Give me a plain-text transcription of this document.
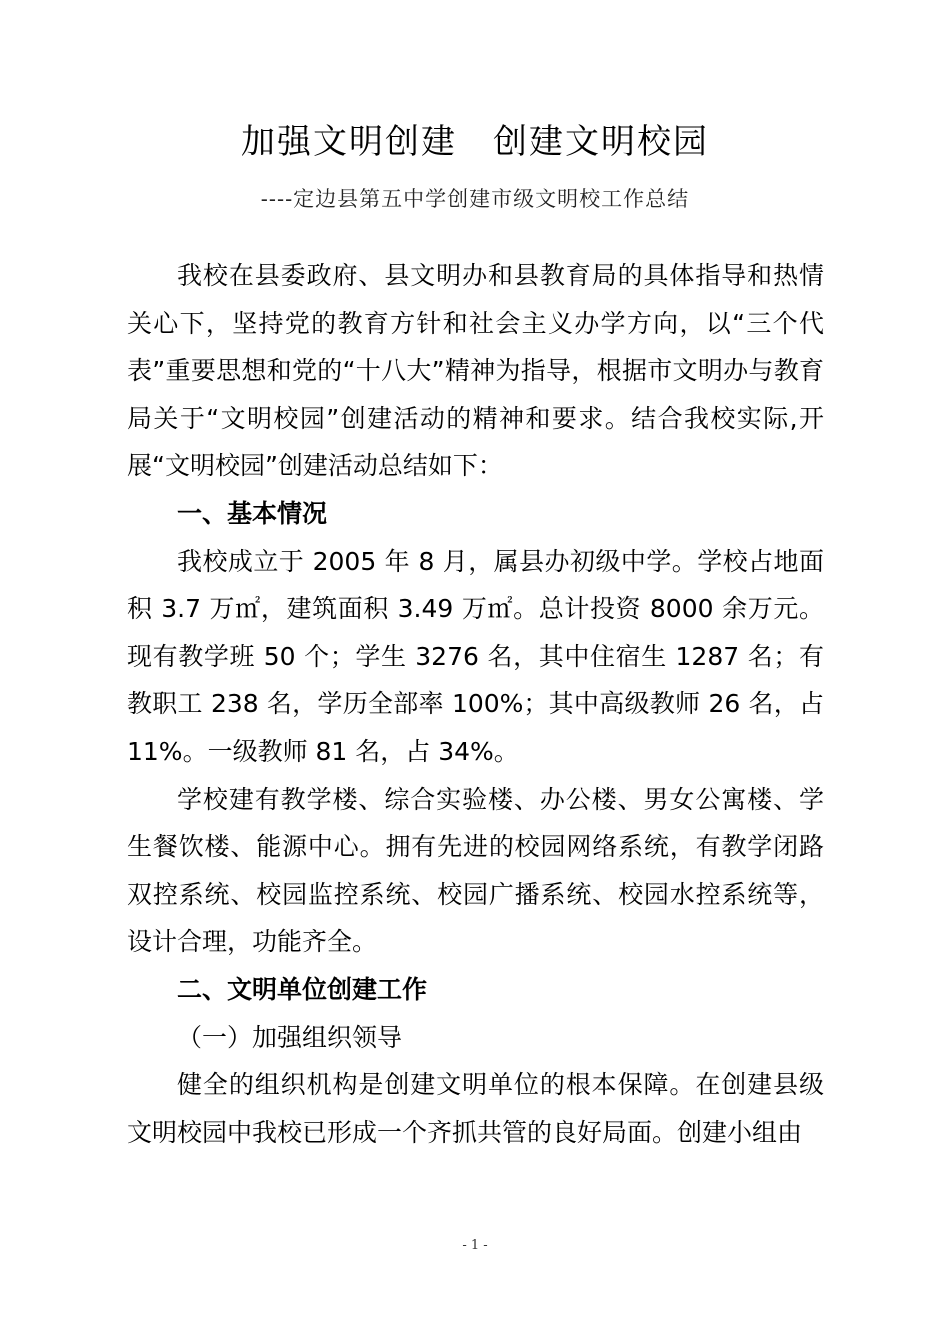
加强文明创建　创建文明校园
----定边县第五中学创建市级文明校工作总结

我校在县委政府、县文明办和县教育局的具体指导和热情关心下，坚持党的教育方针和社会主义办学方向，以“三个代表”重要思想和党的“十八大”精神为指导，根据市文明办与教育局关于“文明校园”创建活动的精神和要求。结合我校实际,开展“文明校园”创建活动总结如下：

一、基本情况

我校成立于 2005 年 8 月，属县办初级中学。学校占地面积 3.7 万㎡，建筑面积 3.49 万㎡。总计投资 8000 余万元。现有教学班 50 个；学生 3276 名，其中住宿生 1287 名；有教职工 238 名，学历全部率 100%；其中高级教师 26 名，占 11%。一级教师 81 名，占 34%。

学校建有教学楼、综合实验楼、办公楼、男女公寓楼、学生餐饮楼、能源中心。拥有先进的校园网络系统，有教学闭路双控系统、校园监控系统、校园广播系统、校园水控系统等，设计合理，功能齐全。

二、文明单位创建工作

（一）加强组织领导

健全的组织机构是创建文明单位的根本保障。在创建县级文明校园中我校已形成一个齐抓共管的良好局面。创建小组由

- 1 -
